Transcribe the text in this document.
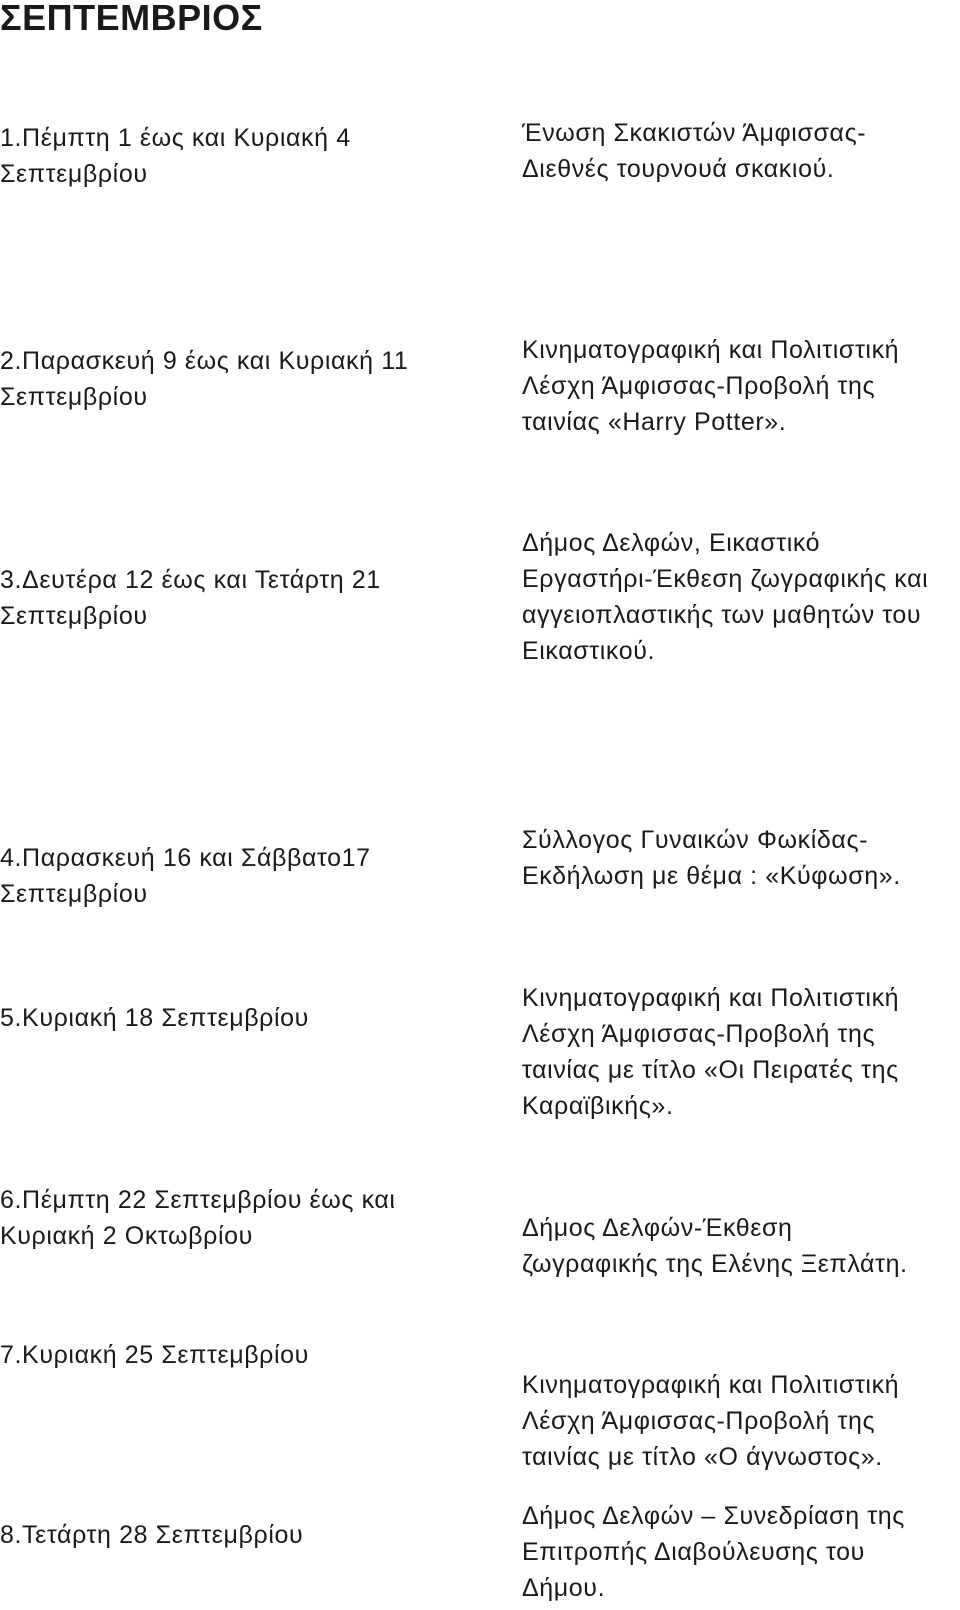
ΣΕΠΤΕΜΒΡΙΟΣ
1.Πέμπτη 1 έως και Κυριακή 4
Σεπτεμβρίου
Ένωση Σκακιστών Άμφισσας-
Διεθνές τουρνουά σκακιού.
2.Παρασκευή 9 έως και Κυριακή 11
Σεπτεμβρίου
Κινηματογραφική και Πολιτιστική
Λέσχη Άμφισσας-Προβολή της
ταινίας «Harry Potter».
3.Δευτέρα 12 έως και Τετάρτη 21
Σεπτεμβρίου
Δήμος Δελφών, Εικαστικό
Εργαστήρι-Έκθεση ζωγραφικής και
αγγειοπλαστικής των μαθητών του
Εικαστικού.
4.Παρασκευή 16 και Σάββατο17
Σεπτεμβρίου
Σύλλογος Γυναικών Φωκίδας-
Εκδήλωση με θέμα : «Κύφωση».
5.Κυριακή 18 Σεπτεμβρίου
Κινηματογραφική και Πολιτιστική
Λέσχη Άμφισσας-Προβολή της
ταινίας με τίτλο «Οι Πειρατές της
Καραϊβικής».
6.Πέμπτη 22 Σεπτεμβρίου έως και
Κυριακή 2 Οκτωβρίου	Δήμος Δελφών-Έκθεση
ζωγραφικής της Ελένης Ξεπλάτη.
7.Κυριακή 25 Σεπτεμβρίου
Κινηματογραφική και Πολιτιστική
Λέσχη Άμφισσας-Προβολή της
ταινίας με τίτλο «Ο άγνωστος».
8.Τετάρτη 28 Σεπτεμβρίου
Δήμος Δελφών – Συνεδρίαση της
Επιτροπής Διαβούλευσης του
Δήμου.
